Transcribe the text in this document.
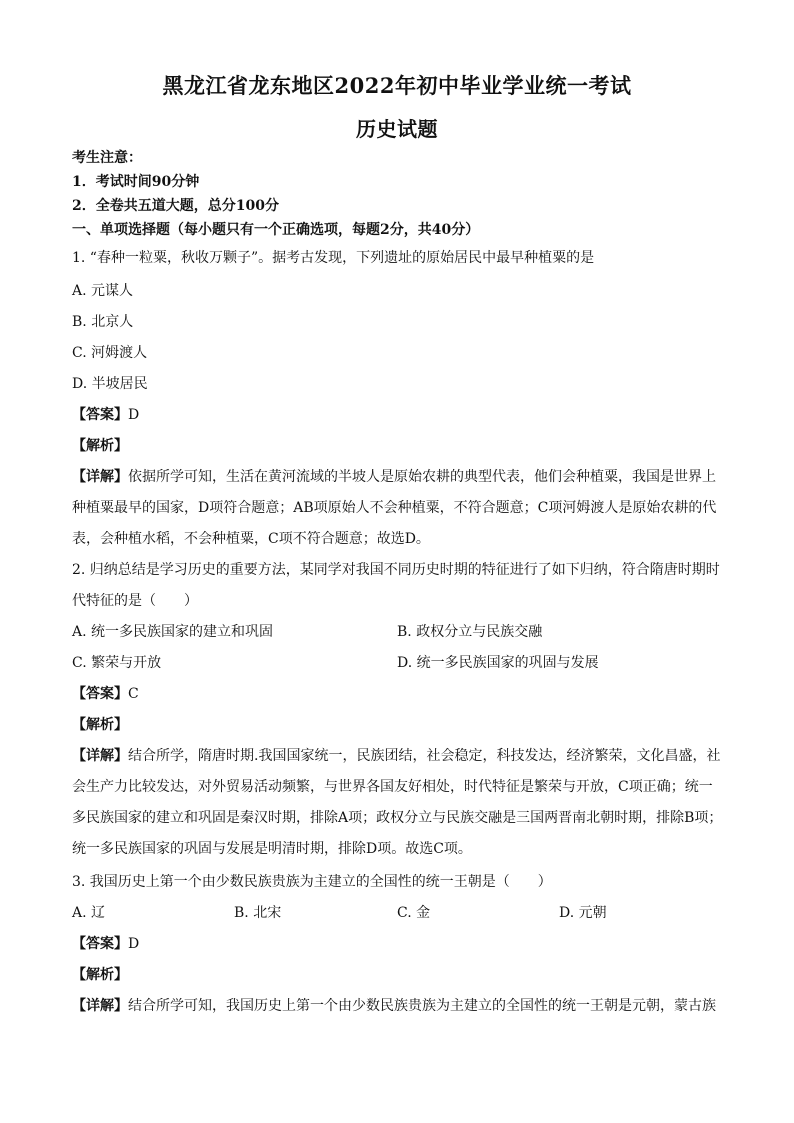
黑龙江省龙东地区2022年初中毕业学业统一考试
历史试题
考生注意：
1．考试时间90分钟
2．全卷共五道大题，总分100分
一、单项选择题（每小题只有一个正确选项，每题2分，共40分）
1. “春种一粒粟，秋收万颗子”。据考古发现，下列遗址的原始居民中最早种植粟的是
A. 元谋人
B. 北京人
C. 河姆渡人
D. 半坡居民
【答案】D
【解析】
【详解】依据所学可知，生活在黄河流域的半坡人是原始农耕的典型代表，他们会种植粟，我国是世界上
种植粟最早的国家，D项符合题意；AB项原始人不会种植粟，不符合题意；C项河姆渡人是原始农耕的代
表，会种植水稻，不会种植粟，C项不符合题意；故选D。
2. 归纳总结是学习历史的重要方法，某同学对我国不同历史时期的特征进行了如下归纳，符合隋唐时期时
代特征的是（　　）
A. 统一多民族国家的建立和巩固	B. 政权分立与民族交融
C. 繁荣与开放	D. 统一多民族国家的巩固与发展
【答案】C
【解析】
【详解】结合所学，隋唐时期.我国国家统一，民族团结，社会稳定，科技发达，经济繁荣，文化昌盛，社
会生产力比较发达，对外贸易活动频繁，与世界各国友好相处，时代特征是繁荣与开放，C项正确；统一
多民族国家的建立和巩固是秦汉时期，排除A项；政权分立与民族交融是三国两晋南北朝时期，排除B项；
统一多民族国家的巩固与发展是明清时期，排除D项。故选C项。
3. 我国历史上第一个由少数民族贵族为主建立的全国性的统一王朝是（　　）
A. 辽	B. 北宋	C. 金	D. 元朝
【答案】D
【解析】
【详解】结合所学可知，我国历史上第一个由少数民族贵族为主建立的全国性的统一王朝是元朝，蒙古族
